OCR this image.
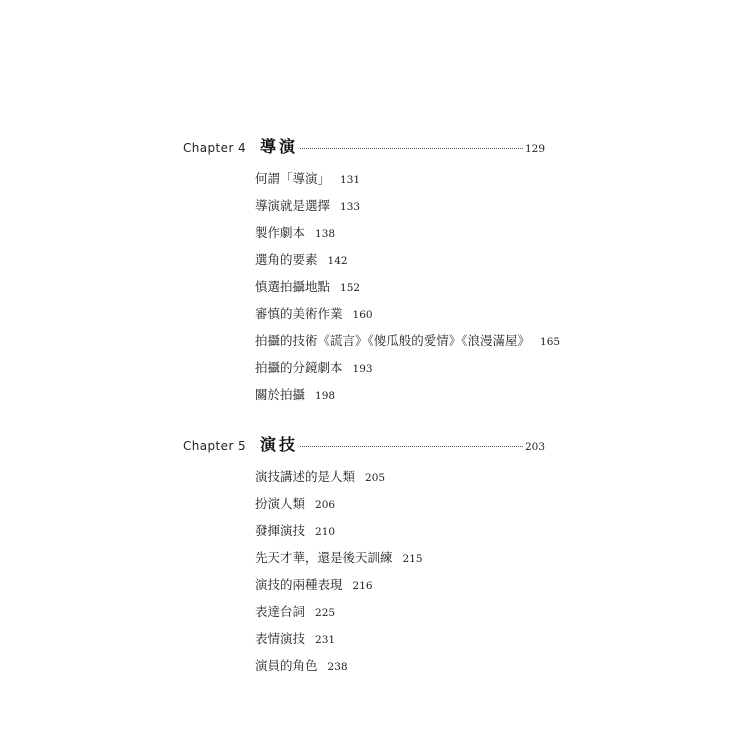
Chapter 4 導演	129
何謂「導演」 131
導演就是選擇 133
製作劇本 138
選角的要素 142
慎選拍攝地點 152
審慎的美術作業 160
拍攝的技術《謊言》《傻瓜般的愛情》《浪漫滿屋》 165
拍攝的分鏡劇本 193
關於拍攝 198
Chapter 5 演技	203
演技講述的是人類 205
扮演人類 206
發揮演技 210
先天才華，還是後天訓練 215
演技的兩種表現 216
表達台詞 225
表情演技 231
演員的角色 238
